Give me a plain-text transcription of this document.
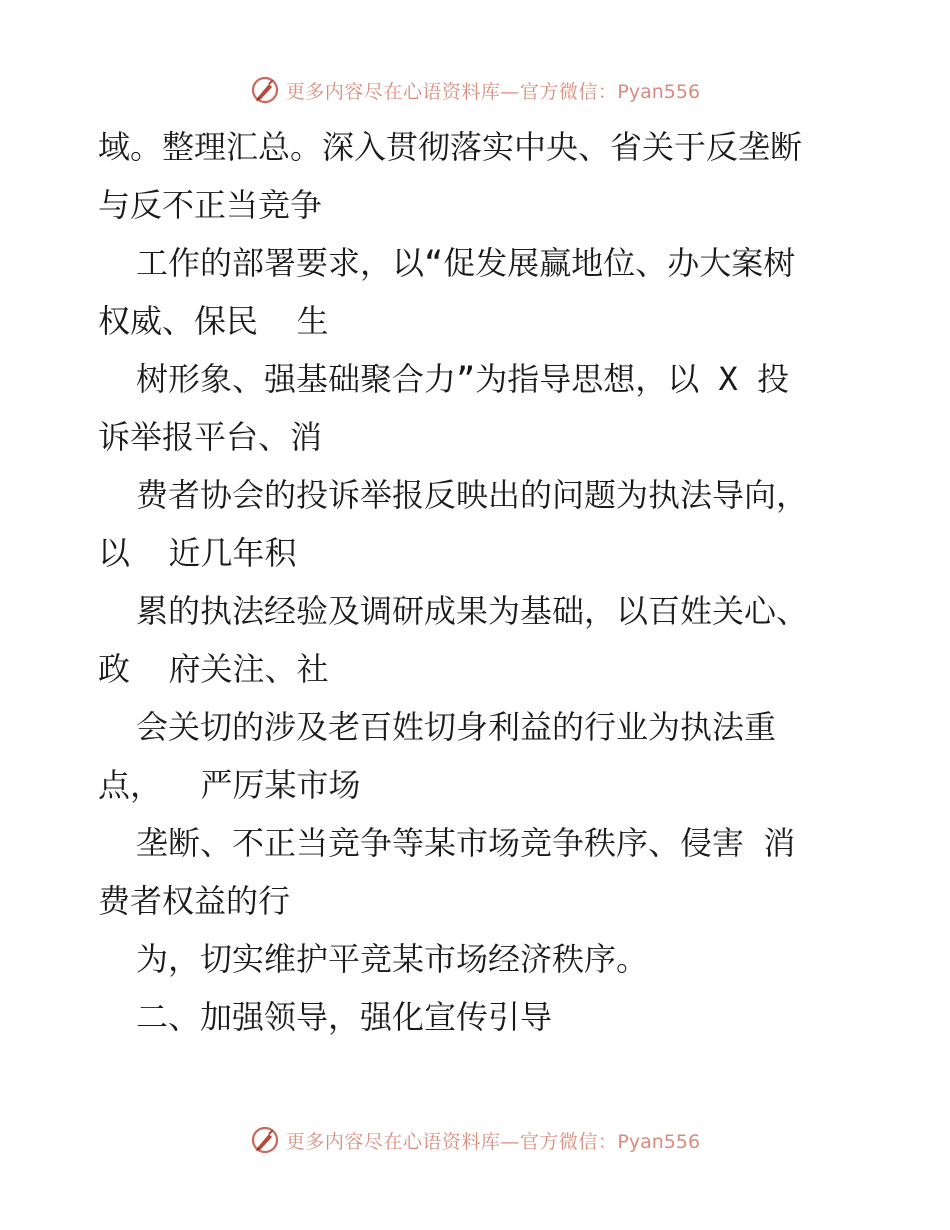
更多内容尽在心语资料库—官方微信：Pyan556
域。整理汇总。深入贯彻落实中央、省关于反垄断
与反不正当竞争
工作的部署要求，以“促发展赢地位、办大案树
权威、保民  生
树形象、强基础聚合力”为指导思想，以 X 投
诉举报平台、消
费者协会的投诉举报反映出的问题为执法导向，
以  近几年积
累的执法经验及调研成果为基础，以百姓关心、
政  府关注、社
会关切的涉及老百姓切身利益的行业为执法重
点，  严厉某市场
垄断、不正当竞争等某市场竞争秩序、侵害 消
费者权益的行
为，切实维护平竞某市场经济秩序。
二、加强领导，强化宣传引导
更多内容尽在心语资料库—官方微信：Pyan556
